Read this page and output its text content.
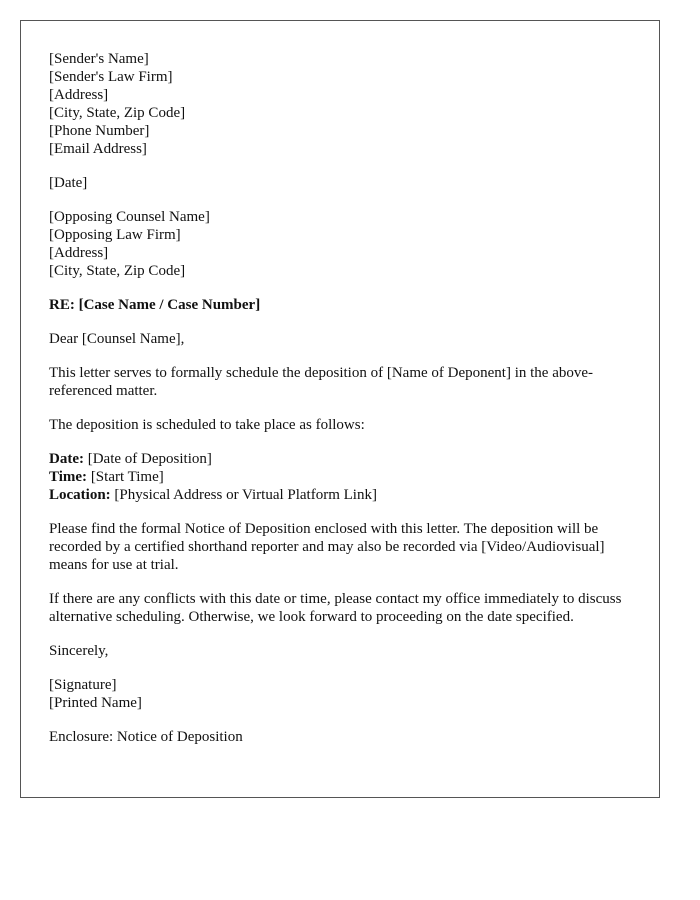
[Sender's Name]
[Sender's Law Firm]
[Address]
[City, State, Zip Code]
[Phone Number]
[Email Address]
[Date]
[Opposing Counsel Name]
[Opposing Law Firm]
[Address]
[City, State, Zip Code]
RE: [Case Name / Case Number]

Dear [Counsel Name],

This letter serves to formally schedule the deposition of [Name of Deponent] in the above-referenced matter.

The deposition is scheduled to take place as follows:

Date: [Date of Deposition]
Time: [Start Time]
Location: [Physical Address or Virtual Platform Link]

Please find the formal Notice of Deposition enclosed with this letter. The deposition will be recorded by a certified shorthand reporter and may also be recorded via [Video/Audiovisual] means for use at trial.

If there are any conflicts with this date or time, please contact my office immediately to discuss alternative scheduling. Otherwise, we look forward to proceeding on the date specified.

Sincerely,

[Signature]
[Printed Name]

Enclosure: Notice of Deposition
